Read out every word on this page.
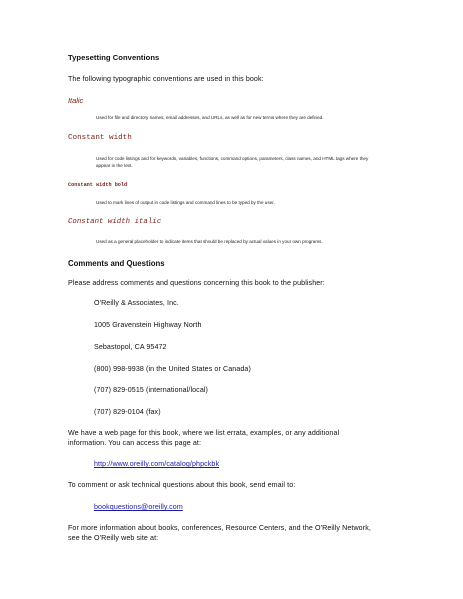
Typesetting Conventions
The following typographic conventions are used in this book:
Italic
Used for file and directory names, email addresses, and URLs, as well as for new terms where they are defined.
Constant width
Used for code listings and for keywords, variables, functions, command options, parameters, class names, and HTML tags where they appear in the text.
Constant width bold
Used to mark lines of output in code listings and command lines to be typed by the user.
Constant width italic
Used as a general placeholder to indicate items that should be replaced by actual values in your own programs.
Comments and Questions
Please address comments and questions concerning this book to the publisher:
O'Reilly & Associates, Inc.
1005 Gravenstein Highway North
Sebastopol, CA 95472
(800) 998-9938 (in the United States or Canada)
(707) 829-0515 (international/local)
(707) 829-0104 (fax)
We have a web page for this book, where we list errata, examples, or any additional
information. You can access this page at:
http://www.oreilly.com/catalog/phpckbk
To comment or ask technical questions about this book, send email to:
bookquestions@oreilly.com
For more information about books, conferences, Resource Centers, and the O'Reilly Network,
see the O'Reilly web site at:
